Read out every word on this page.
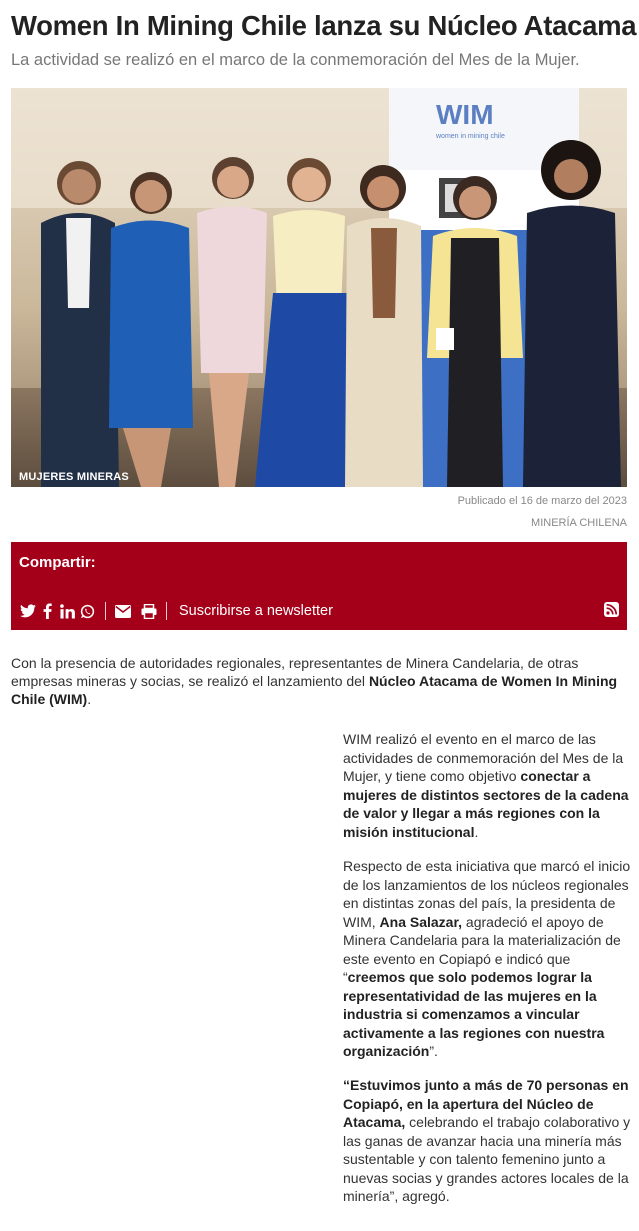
Women In Mining Chile lanza su Núcleo Atacama
La actividad se realizó en el marco de la conmemoración del Mes de la Mujer.
WIM
women in mining chile
MUJERES MINERAS
Publicado el 16 de marzo del 2023
MINERÍA CHILENA
Compartir:
Suscribirse a newsletter

Con la presencia de autoridades regionales, representantes de Minera Candelaria, de otras empresas mineras y socias, se realizó el lanzamiento del Núcleo Atacama de Women In Mining Chile (WIM).

WIM realizó el evento en el marco de las actividades de conmemoración del Mes de la Mujer, y tiene como objetivo conectar a mujeres de distintos sectores de la cadena de valor y llegar a más regiones con la misión institucional.

Respecto de esta iniciativa que marcó el inicio de los lanzamientos de los núcleos regionales en distintas zonas del país, la presidenta de WIM, Ana Salazar, agradeció el apoyo de Minera Candelaria para la materialización de este evento en Copiapó e indicó que “creemos que solo podemos lograr la representatividad de las mujeres en la industria si comenzamos a vincular activamente a las regiones con nuestra organización”.

“Estuvimos junto a más de 70 personas en Copiapó, en la apertura del Núcleo de Atacama, celebrando el trabajo colaborativo y las ganas de avanzar hacia una minería más sustentable y con talento femenino junto a nuevas socias y grandes actores locales de la minería”, agregó.
